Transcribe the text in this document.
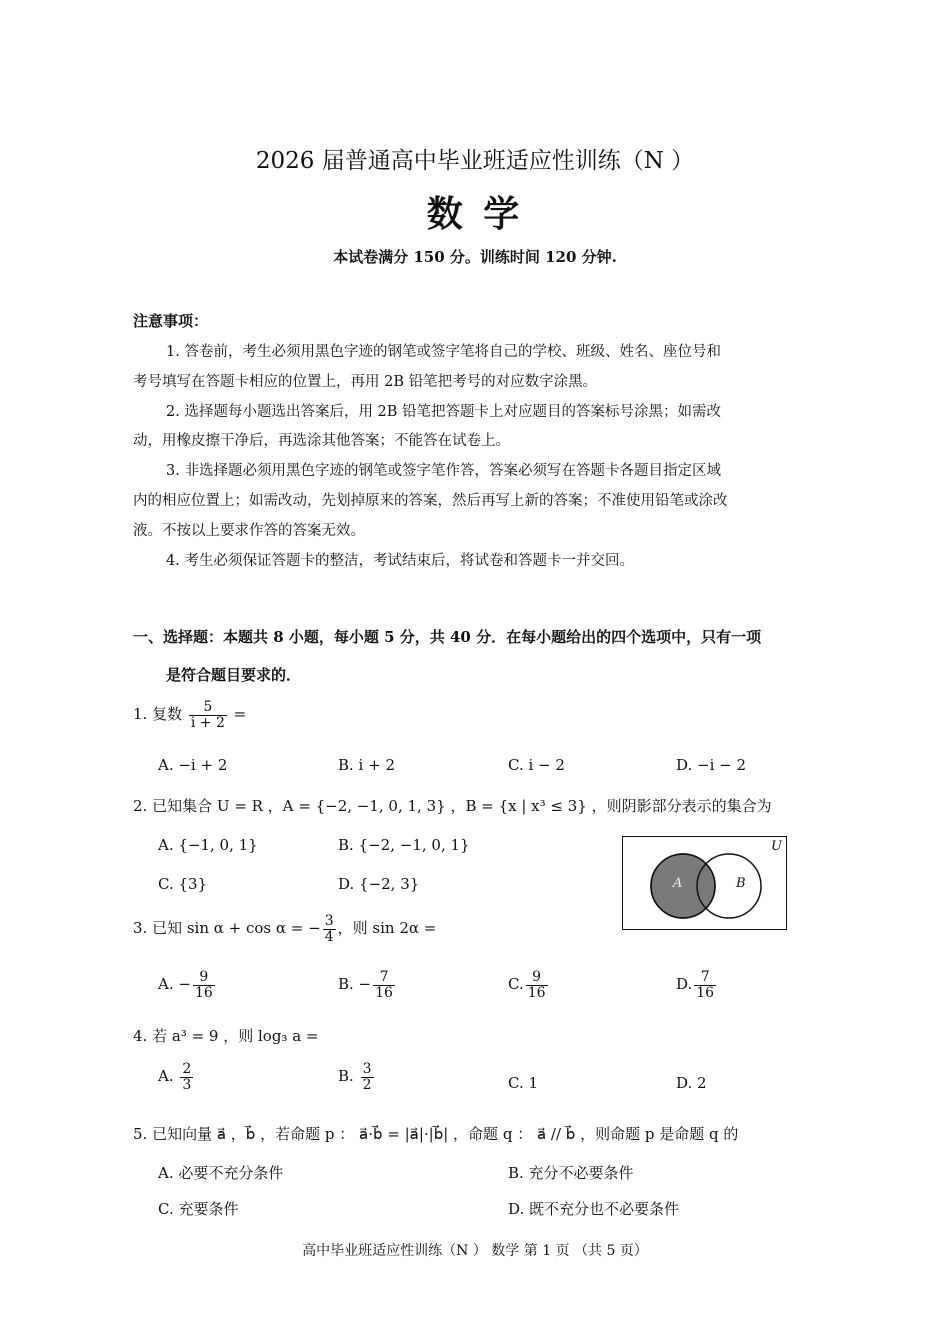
2026 届普通高中毕业班适应性训练（N ）
数 学
本试卷满分 150 分。训练时间 120 分钟.
注意事项：
1. 答卷前，考生必须用黑色字迹的钢笔或签字笔将自己的学校、班级、姓名、座位号和
考号填写在答题卡相应的位置上，再用 2B 铅笔把考号的对应数字涂黑。
2. 选择题每小题选出答案后，用 2B 铅笔把答题卡上对应题目的答案标号涂黑；如需改
动，用橡皮擦干净后，再选涂其他答案；不能答在试卷上。
3. 非选择题必须用黑色字迹的钢笔或签字笔作答，答案必须写在答题卡各题目指定区域
内的相应位置上；如需改动，先划掉原来的答案，然后再写上新的答案；不准使用铅笔或涂改
液。不按以上要求作答的答案无效。
4. 考生必须保证答题卡的整洁，考试结束后，将试卷和答题卡一并交回。
一、选择题：本题共 8 小题，每小题 5 分，共 40 分．在每小题给出的四个选项中，只有一项
是符合题目要求的．
1. 复数 $\frac{5}{i + 2}$ =
A. −i + 2	B. i + 2	C. i − 2	D. −i − 2
2. 已知集合 U = R ，A = {−2, −1, 0, 1, 3} ，B = {x | x³ ≤ 3} ，则阴影部分表示的集合为
A. {−1, 0, 1}	B. {−2, −1, 0, 1}
C. {3}	D. {−2, 3}
U
A	B
3. 已知 sin α + cos α = − $\frac{3}{4}$ ，则 sin 2α =
A. − $\frac{9}{16}$	B. − $\frac{7}{16}$	C. $\frac{9}{16}$	D. $\frac{7}{16}$
4. 若 a³ = 9 ，则 log₃ a =
A. $\frac{2}{3}$	B. $\frac{3}{2}$	C. 1	D. 2
5. 已知向量 a⃗ ，b⃗ ，若命题 p ： a⃗·b⃗ = |a⃗|·|b⃗| ，命题 q ： a⃗ // b⃗ ，则命题 p 是命题 q 的
A. 必要不充分条件	B. 充分不必要条件
C. 充要条件	D. 既不充分也不必要条件
高中毕业班适应性训练（N ） 数学 第 1 页 （共 5 页）
